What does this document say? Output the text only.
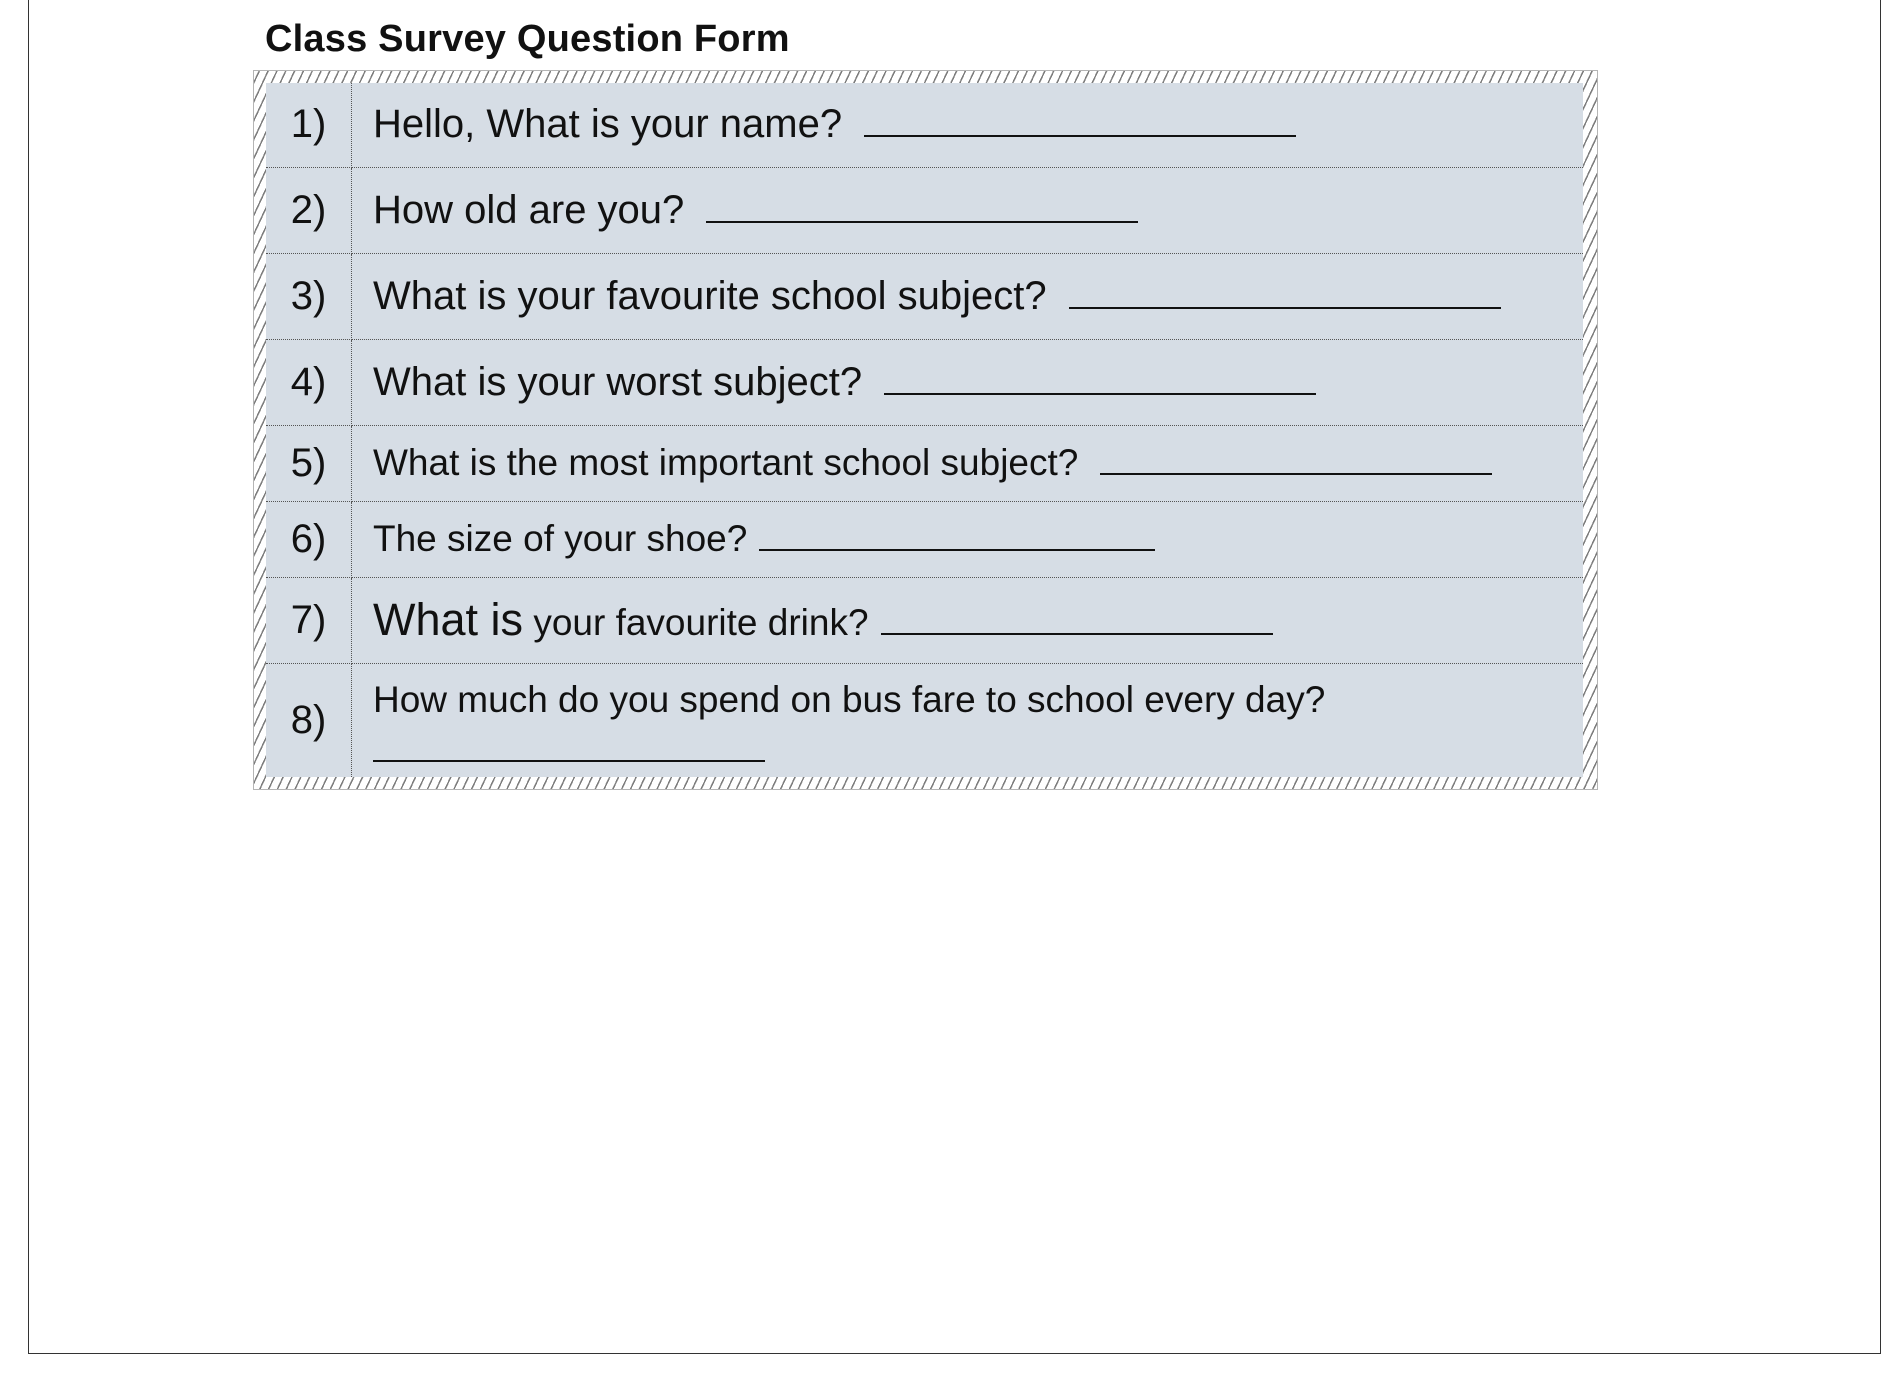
Class Survey Question Form
1)	Hello, What is your name?
2)	How old are you?
3)	What is your favourite school subject?
4)	What is your worst subject?
5)	What is the most important school subject?
6)	The size of your shoe?
7)	What is your favourite drink?
8)	How much do you spend on bus fare to school every day?
